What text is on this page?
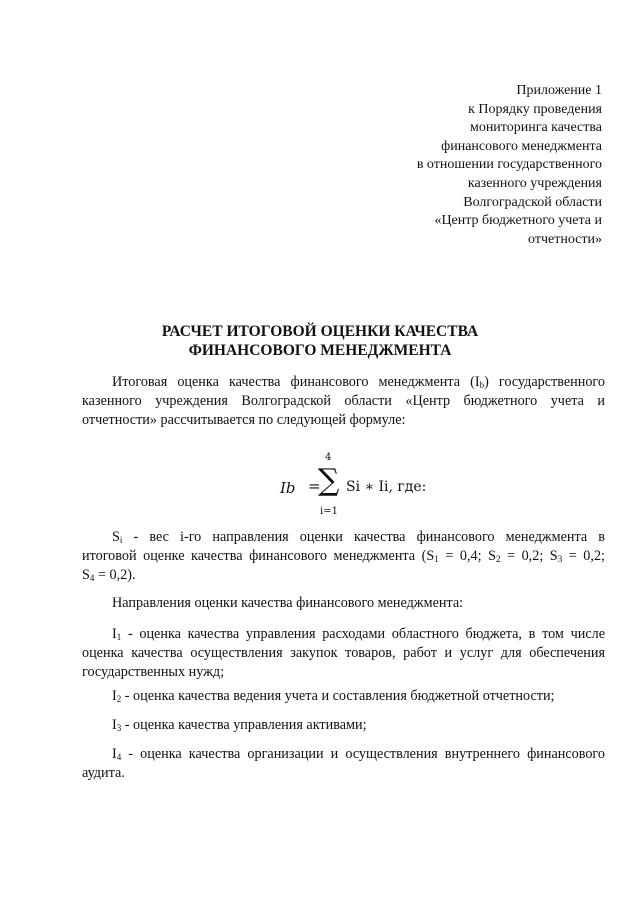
Приложение 1
к Порядку проведения
мониторинга качества
финансового менеджмента
в отношении государственного
казенного учреждения
Волгоградской области
«Центр бюджетного учета и
отчетности»
РАСЧЕТ ИТОГОВОЙ ОЦЕНКИ КАЧЕСТВА
ФИНАНСОВОГО МЕНЕДЖМЕНТА
Итоговая оценка качества финансового менеджмента $(I_b)$ государственного
казенного учреждения Волгоградской области «Центр бюджетного учета и
отчетности» рассчитывается по следующей формуле:
Ib =
4
∑
i=1
Si ∗ Ii, где:
$S_i$ - вес i-го направления оценки качества финансового менеджмента в
итоговой оценке качества финансового менеджмента ($S_1 = 0,4$; $S_2 = 0,2$; $S_3 = 0,2$;
$S_4 = 0,2$).
Направления оценки качества финансового менеджмента:
$I_1$ - оценка качества управления расходами областного бюджета, в том числе
оценка качества осуществления закупок товаров, работ и услуг для обеспечения
государственных нужд;
$I_2$ - оценка качества ведения учета и составления бюджетной отчетности;
$I_3$ - оценка качества управления активами;
$I_4$ - оценка качества организации и осуществления внутреннего финансового
аудита.
